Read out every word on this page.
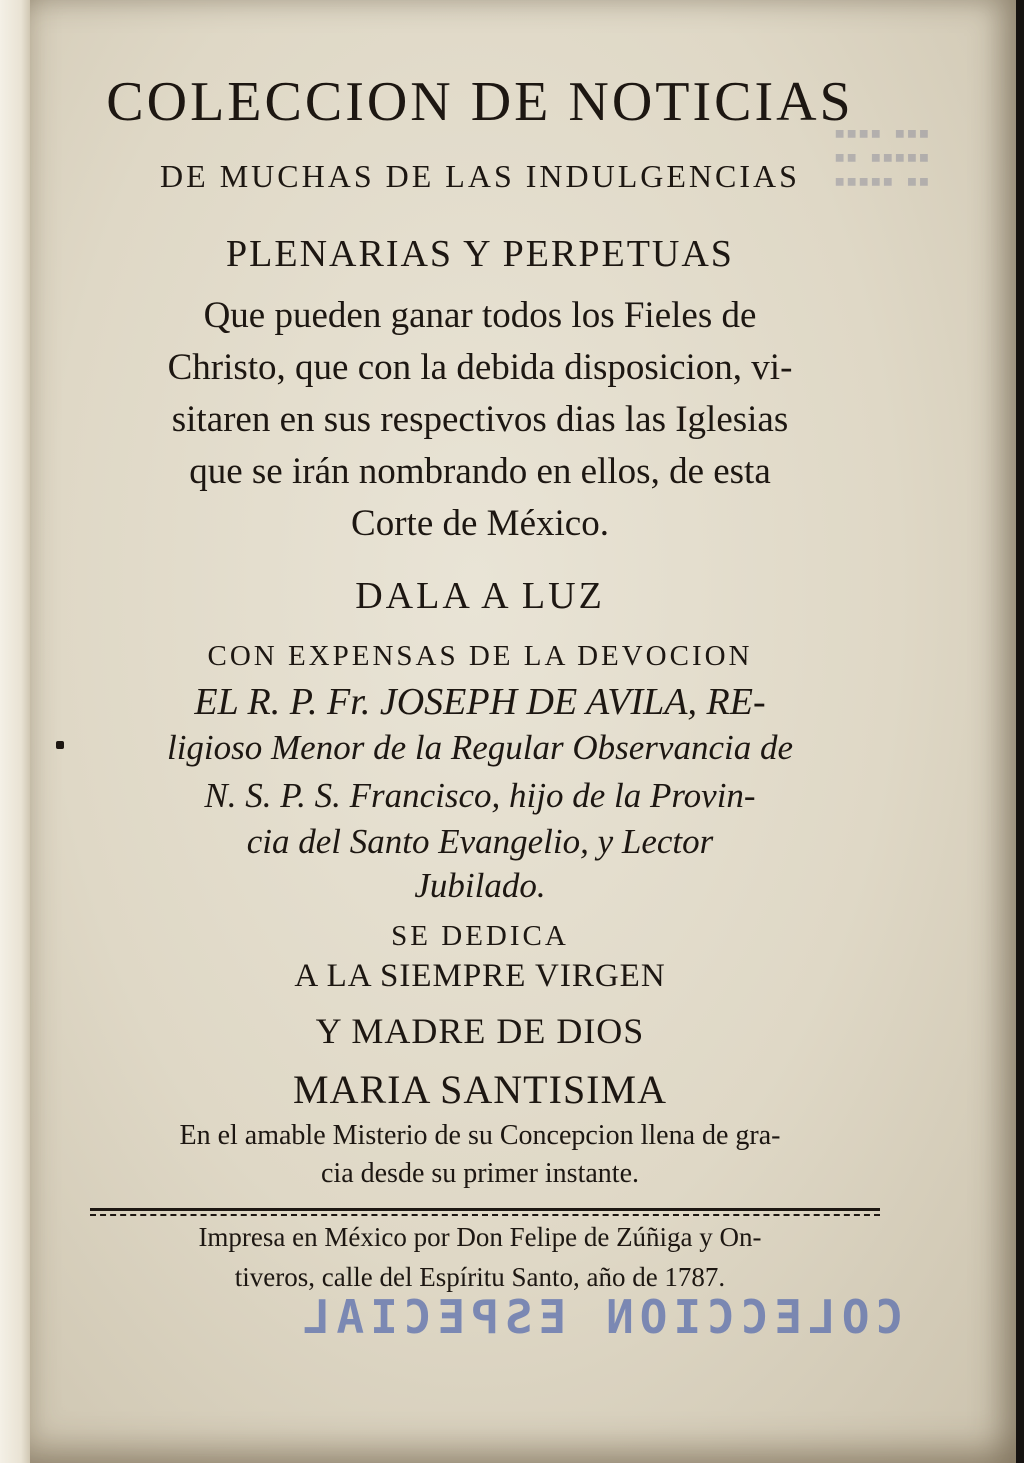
▪▪▪ ▪▪▪▪
▪▪▪▪▪ ▪▪
▪▪ ▪▪▪▪▪

COLECCION DE NOTICIAS

DE MUCHAS DE LAS INDULGENCIAS

PLENARIAS Y PERPETUAS

Que pueden ganar todos los Fieles de

Christo, que con la debida disposicion, vi-

sitaren en sus respectivos dias las Iglesias

que se irán nombrando en ellos, de esta

Corte de México.

DALA A LUZ

CON EXPENSAS DE LA DEVOCION

EL R. P. Fr. JOSEPH DE AVILA, RE-

ligioso Menor de la Regular Observancia de

N. S. P. S. Francisco, hijo de la Provin-

cia del Santo Evangelio, y Lector

Jubilado.

SE DEDICA

A LA SIEMPRE VIRGEN

Y MADRE DE DIOS

MARIA SANTISIMA

En el amable Misterio de su Concepcion llena de gra-

cia desde su primer instante.

Impresa en México por Don Felipe de Zúñiga y On-

tiveros, calle del Espíritu Santo, año de 1787.

COLECCION ESPECIAL
